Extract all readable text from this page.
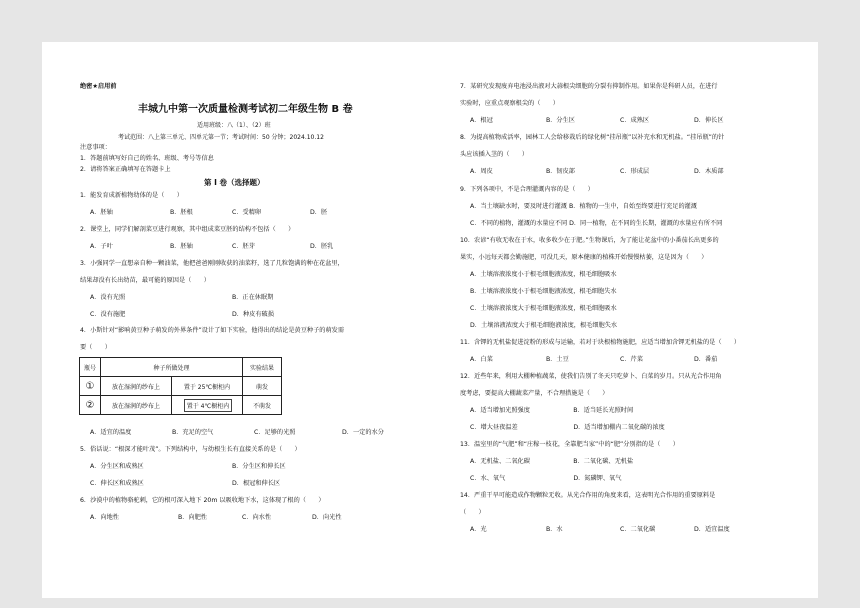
绝密★启用前
丰城九中第一次质量检测考试初二年级生物 B 卷
适用班级：八（1）、（2）班
考试范围：八上第三单元、四单元第一节；考试时间：50 分钟；2024.10.12
注意事项：
1．答题前填写好自己的姓名、班级、考号等信息
2．请将答案正确填写在答题卡上
第 I 卷（选择题）
1．能发育成新植物幼体的是（　　）
A．胚轴	B．胚根	C．受精卵	D．胚
2．课堂上，同学们解剖菜豆进行观察，其中组成菜豆胚的结构不包括（　　）
A．子叶	B．胚轴	C．胚芽	D．胚乳
3．小强同学一直想亲自种一颗油菜，他把爸爸刚刚收获的油菜籽，选了几粒饱满的种在花盆里，
结果却没有长出幼苗，最可能的原因是（　　）
A．没有光照	B．正在休眠期
C．没有施肥	D．种皮有破损
4．小斯针对“影响黄豆种子萌发的外界条件”设计了如下实验，他得出的结论是黄豆种子的萌发需
要（　　）
瓶号	种子所做处理		实验结果
①	放在湿润的纱布上	置于 25℃橱柜内	萌发
②	放在湿润的纱布上	置于 4℃橱柜内	不萌发
A．适宜的温度	B．充足的空气	C．足够的光照	D．一定的水分
5．俗话说：“根深才能叶茂”。下列结构中，与幼根生长有直接关系的是（　　）
A．分生区和成熟区	B．分生区和伸长区
C．伸长区和成熟区	D．根冠和伸长区
6．沙漠中的植物骆驼刺，它的根可深入地下 20m 以吸收地下水，这体现了根的（　　）
A．向地性	B．向肥性	C．向水性	D．向光性
7．某研究发现废弃电池浸出液对大蒜根尖细胞的分裂有抑制作用。如果你是科研人员，在进行
实验时，应重点观察根尖的（　　）
A．根冠	B．分生区	C．成熟区	D．伸长区
8．为提高植物成活率，园林工人会给移栽后的绿化树“挂吊瓶”以补充水和无机盐。“挂吊瓶”的针
头应该插入茎的（　　）
A．周皮	B．韧皮部	C．形成层	D．木质部
9．下列各项中，不是合理灌溉内容的是（　　）
A．当土壤缺水时，要及时进行灌溉 B．植物的一生中，自始至终要进行充足的灌溉
C．不同的植物，灌溉的水量应不同 D．同一植物，在不同的生长期，灌溉的水量应有所不同
10．农谚“有收无收在于水，收多收少在于肥。”生物课后，为了能让花盆中的小番茄长出更多的
果实，小远每天都会勤施肥，可没几天，原本健康的植株开始慢慢枯萎，这是因为（　　）
A．土壤溶液浓度小于根毛细胞液浓度，根毛细胞吸水
B．土壤溶液浓度小于根毛细胞液浓度，根毛细胞失水
C．土壤溶液浓度大于根毛细胞液浓度，根毛细胞吸水
D．土壤溶液浓度大于根毛细胞液浓度，根毛细胞失水
11．含钾的无机盐促进淀粉的形成与运输，若对于块根植物施肥，应适当增加含钾无机盐的是（　　）
A．白菜	B．土豆	C．芹菜	D．番茄
12．近些年来，利用大棚种植蔬菜，使我们告别了冬天只吃萝卜、白菜的岁月。只从光合作用角
度考虑，要提高大棚蔬菜产量，不合理措施是（　　）
A．适当增加光照强度　　　　　　　B．适当延长光照时间
C．增大昼夜温差　　　　　　　　　D．适当增加棚内二氧化碳的浓度
13．温室里的“气肥”和“庄稼一枝花，全靠肥当家”中的“肥”分别指的是（　　）
A．无机盐、二氧化碳　　　　　　　B．二氧化碳、无机盐
C．水、氧气　　　　　　　　　　　D．氮磷钾、氧气
14．严重干旱可能造成作物颗粒无收。从光合作用的角度来看，这表明光合作用的重要原料是
（　　）
A．光	B．水	C．二氧化碳	D．适宜温度
